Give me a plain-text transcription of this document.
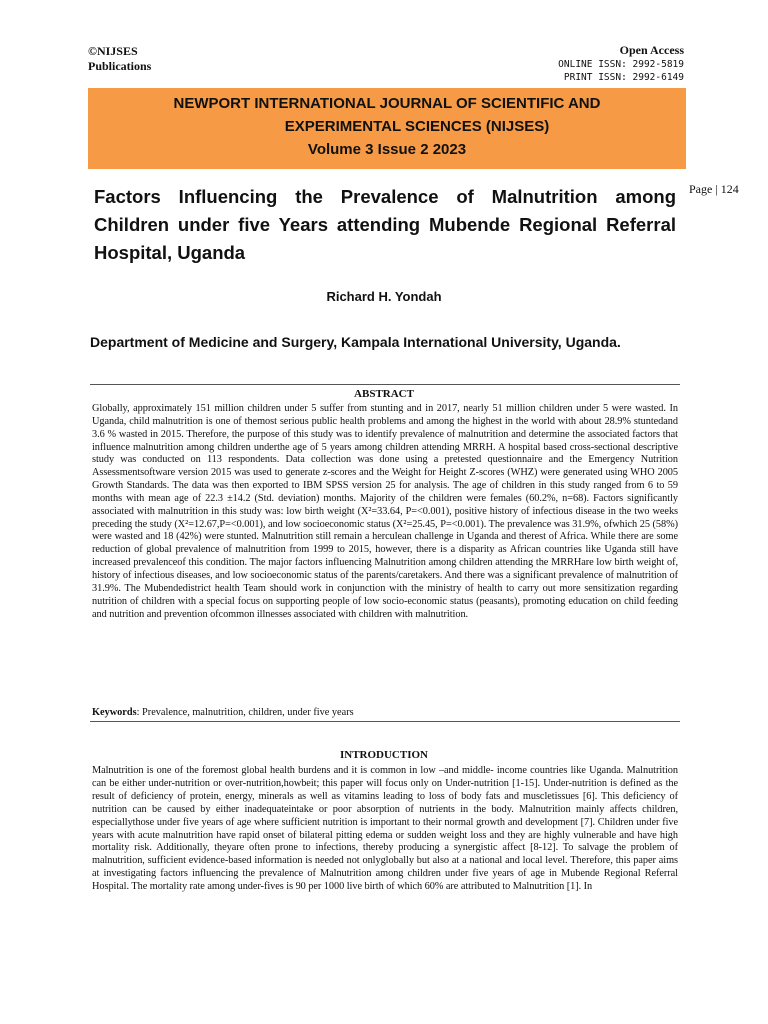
©NIJSES
Publications
Open Access
ONLINE ISSN: 2992-5819
PRINT ISSN: 2992-6149
NEWPORT INTERNATIONAL JOURNAL OF SCIENTIFIC AND
EXPERIMENTAL SCIENCES (NIJSES)
Volume 3 Issue 2 2023
Page | 124
Factors Influencing the Prevalence of Malnutrition among Children under five Years attending Mubende Regional Referral Hospital, Uganda
Richard H. Yondah
Department of Medicine and Surgery, Kampala International University, Uganda.
ABSTRACT
Globally, approximately 151 million children under 5 suffer from stunting and in 2017, nearly 51 million children under 5 were wasted. In Uganda, child malnutrition is one of themost serious public health problems and among the highest in the world with about 28.9% stuntedand 3.6 % wasted in 2015. Therefore, the purpose of this study was to identify prevalence of malnutrition and determine the associated factors that influence malnutrition among children underthe age of 5 years among children attending MRRH. A hospital based cross-sectional descriptive study was conducted on 113 respondents. Data collection was done using a pretested questionnaire and the Emergency Nutrition Assessmentsoftware version 2015 was used to generate z-scores and the Weight for Height Z-scores (WHZ) were generated using WHO 2005 Growth Standards. The data was then exported to IBM SPSS version 25 for analysis. The age of children in this study ranged from 6 to 59 months with mean age of 22.3 ±14.2 (Std. deviation) months. Majority of the children were females (60.2%, n=68). Factors significantly associated with malnutrition in this study was: low birth weight (X²=33.64, P=<0.001), positive history of infectious disease in the two weeks preceding the study (X²=12.67,P=<0.001), and low socioeconomic status (X²=25.45, P=<0.001). The prevalence was 31.9%, ofwhich 25 (58%) were wasted and 18 (42%) were stunted. Malnutrition still remain a herculean challenge in Uganda and therest of Africa. While there are some reduction of global prevalence of malnutrition from 1999 to 2015, however, there is a disparity as African countries like Uganda still have increased prevalenceof this condition. The major factors influencing Malnutrition among children attending the MRRHare low birth weight of, history of infectious diseases, and low socioeconomic status of the parents/caretakers. And there was a significant prevalence of malnutrition of 31.9%. The Mubendedistrict health Team should work in conjunction with the ministry of health to carry out more sensitization regarding nutrition of children with a special focus on supporting people of low socio-economic status (peasants), promoting education on child feeding and nutrition and prevention ofcommon illnesses associated with children with malnutrition.
Keywords: Prevalence, malnutrition, children, under five years
INTRODUCTION
Malnutrition is one of the foremost global health burdens and it is common in low –and middle- income countries like Uganda. Malnutrition can be either under-nutrition or over-nutrition,howbeit; this paper will focus only on Under-nutrition [1-15]. Under-nutrition is defined as the result of deficiency of protein, energy, minerals as well as vitamins leading to loss of body fats and muscletissues [6]. This deficiency of nutrition can be caused by either inadequateintake or poor absorption of nutrients in the body. Malnutrition mainly affects children, especiallythose under five years of age where sufficient nutrition is important to their normal growth and development [7]. Children under five years with acute malnutrition have rapid onset of bilateral pitting edema or sudden weight loss and they are highly vulnerable and have high mortality risk. Additionally, theyare often prone to infections, thereby producing a synergistic affect [8-12]. To salvage the problem of malnutrition, sufficient evidence-based information is needed not onlyglobally but also at a national and local level. Therefore, this paper aims at investigating factors influencing the prevalence of Malnutrition among children under five years of age in Mubende Regional Referral Hospital. The mortality rate among under-fives is 90 per 1000 live birth of which 60% are attributed to Malnutrition [1]. In
